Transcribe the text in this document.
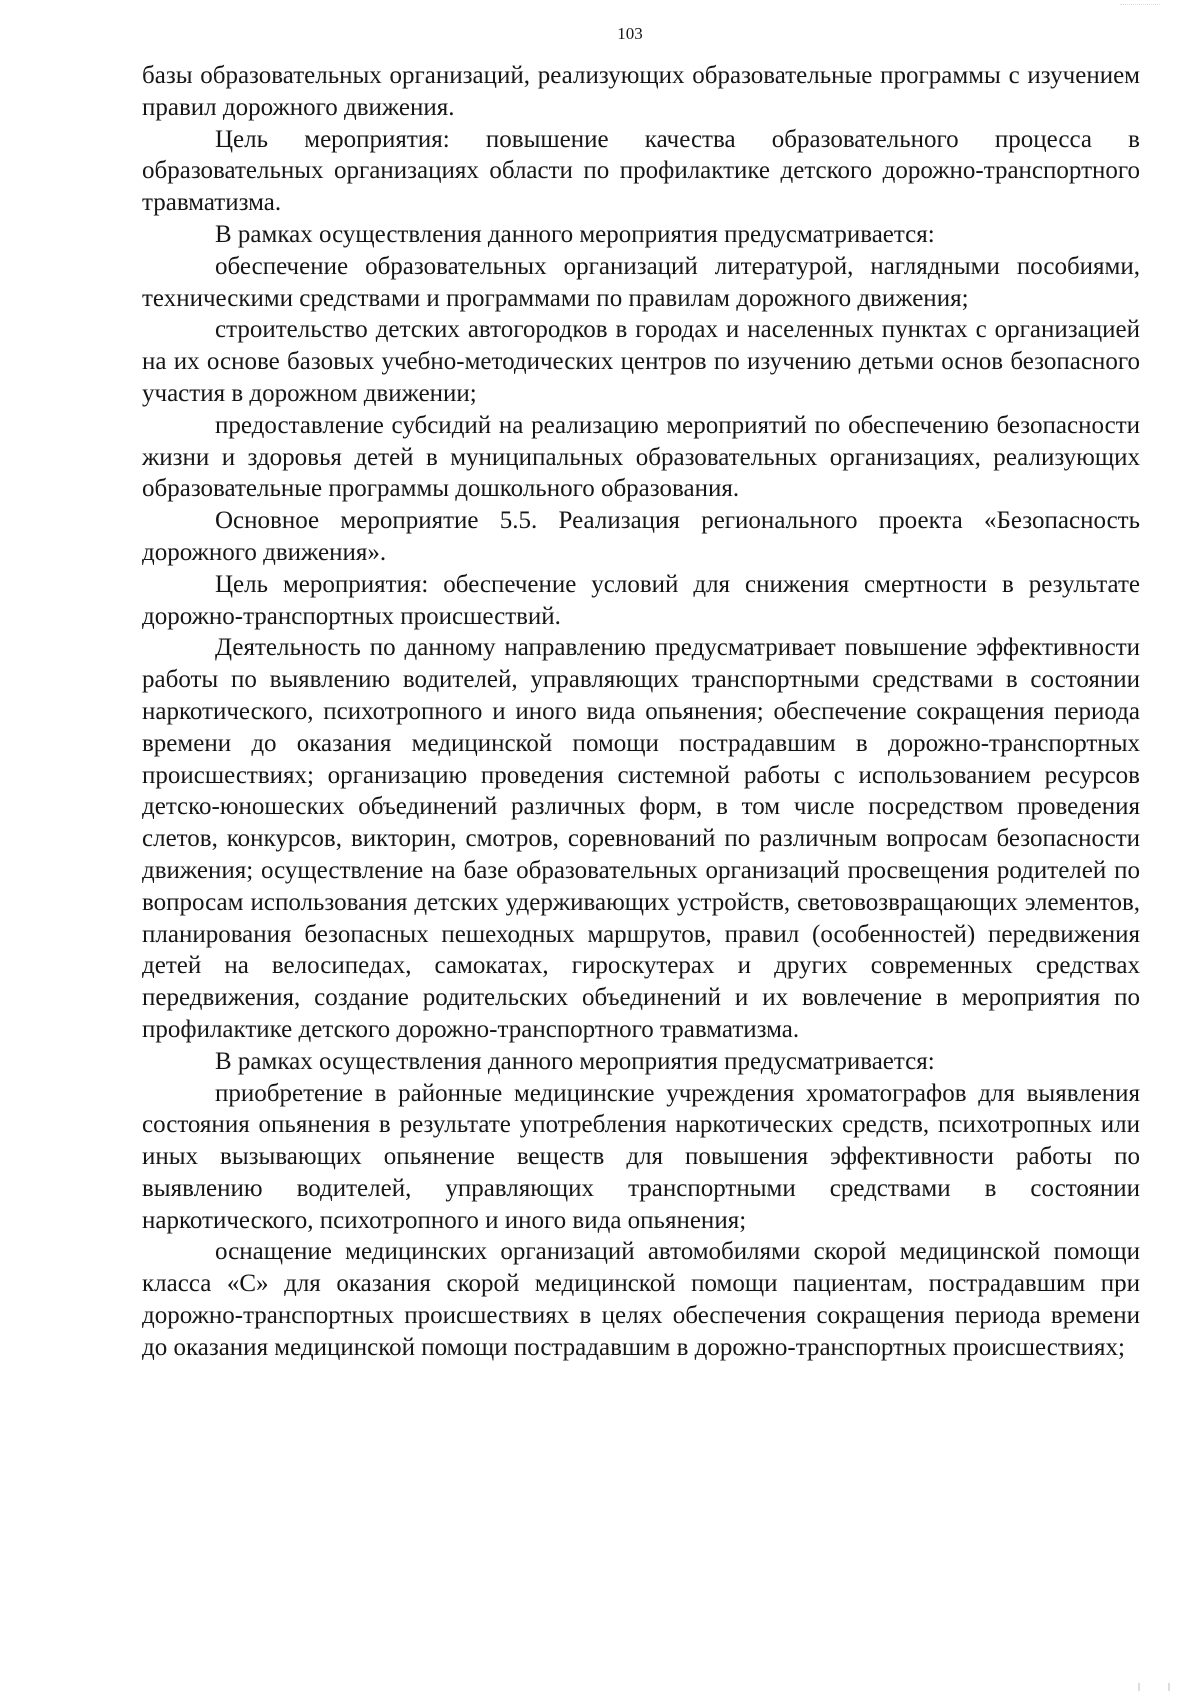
103

базы образовательных организаций, реализующих образовательные программы с изучением правил дорожного движения.

Цель мероприятия: повышение качества образовательного процесса в образовательных организациях области по профилактике детского дорожно-транспортного травматизма.

В рамках осуществления данного мероприятия предусматривается:

обеспечение образовательных организаций литературой, наглядными пособиями, техническими средствами и программами по правилам дорожного движения;

строительство детских автогородков в городах и населенных пунктах с организацией на их основе базовых учебно-методических центров по изучению детьми основ безопасного участия в дорожном движении;

предоставление субсидий на реализацию мероприятий по обеспечению безопасности жизни и здоровья детей в муниципальных образовательных организациях, реализующих образовательные программы дошкольного образования.

Основное мероприятие 5.5. Реализация регионального проекта «Безопасность дорожного движения».

Цель мероприятия: обеспечение условий для снижения смертности в результате дорожно-транспортных происшествий.

Деятельность по данному направлению предусматривает повышение эффективности работы по выявлению водителей, управляющих транспортными средствами в состоянии наркотического, психотропного и иного вида опьянения; обеспечение сокращения периода времени до оказания медицинской помощи пострадавшим в дорожно-транспортных происшествиях; организацию проведения системной работы с использованием ресурсов детско-юношеских объединений различных форм, в том числе посредством проведения слетов, конкурсов, викторин, смотров, соревнований по различным вопросам безопасности движения; осуществление на базе образовательных организаций просвещения родителей по вопросам использования детских удерживающих устройств, световозвращающих элементов, планирования безопасных пешеходных маршрутов, правил (особенностей) передвижения детей на велосипедах, самокатах, гироскутерах и других современных средствах передвижения, создание родительских объединений и их вовлечение в мероприятия по профилактике детского дорожно-транспортного травматизма.

В рамках осуществления данного мероприятия предусматривается:

приобретение в районные медицинские учреждения хроматографов для выявления состояния опьянения в результате употребления наркотических средств, психотропных или иных вызывающих опьянение веществ для повышения эффективности работы по выявлению водителей, управляющих транспортными средствами в состоянии наркотического, психотропного и иного вида опьянения;

оснащение медицинских организаций автомобилями скорой медицинской помощи класса «С» для оказания скорой медицинской помощи пациентам, пострадавшим при дорожно-транспортных происшествиях в целях обеспечения сокращения периода времени до оказания медицинской помощи пострадавшим в дорожно-транспортных происшествиях;
